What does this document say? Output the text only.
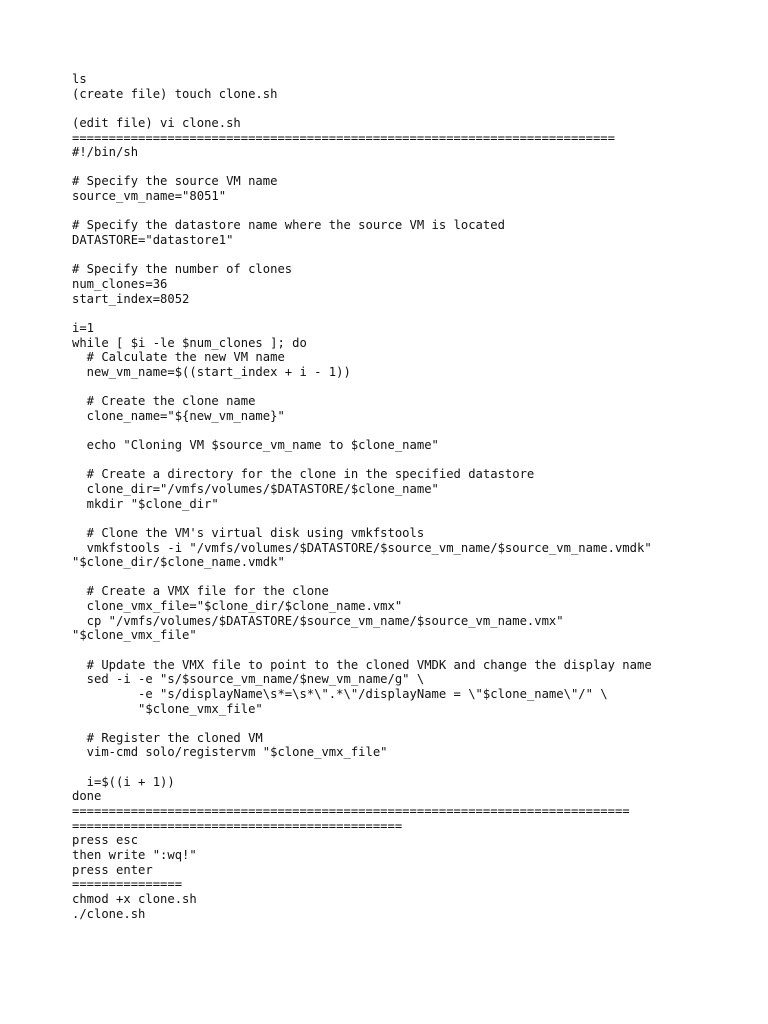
ls
(create file) touch clone.sh
(edit file) vi clone.sh
==========================================================================
#!/bin/sh
# Specify the source VM name
source_vm_name="8051"
# Specify the datastore name where the source VM is located
DATASTORE="datastore1"
# Specify the number of clones
num_clones=36
start_index=8052
i=1
while [ $i -le $num_clones ]; do
# Calculate the new VM name
new_vm_name=$((start_index + i - 1))
# Create the clone name
clone_name="${new_vm_name}"
echo "Cloning VM $source_vm_name to $clone_name"
# Create a directory for the clone in the specified datastore
clone_dir="/vmfs/volumes/$DATASTORE/$clone_name"
mkdir "$clone_dir"
# Clone the VM's virtual disk using vmkfstools
vmkfstools -i "/vmfs/volumes/$DATASTORE/$source_vm_name/$source_vm_name.vmdk"
"$clone_dir/$clone_name.vmdk"
# Create a VMX file for the clone
clone_vmx_file="$clone_dir/$clone_name.vmx"
cp "/vmfs/volumes/$DATASTORE/$source_vm_name/$source_vm_name.vmx"
"$clone_vmx_file"
# Update the VMX file to point to the cloned VMDK and change the display name
sed -i -e "s/$source_vm_name/$new_vm_name/g" \
-e "s/displayName\s*=\s*\".*\"/displayName = \"$clone_name\"/" \
"$clone_vmx_file"
# Register the cloned VM
vim-cmd solo/registervm "$clone_vmx_file"
i=$((i + 1))
done
============================================================================
=============================================
press esc
then write ":wq!"
press enter
===============
chmod +x clone.sh
./clone.sh
